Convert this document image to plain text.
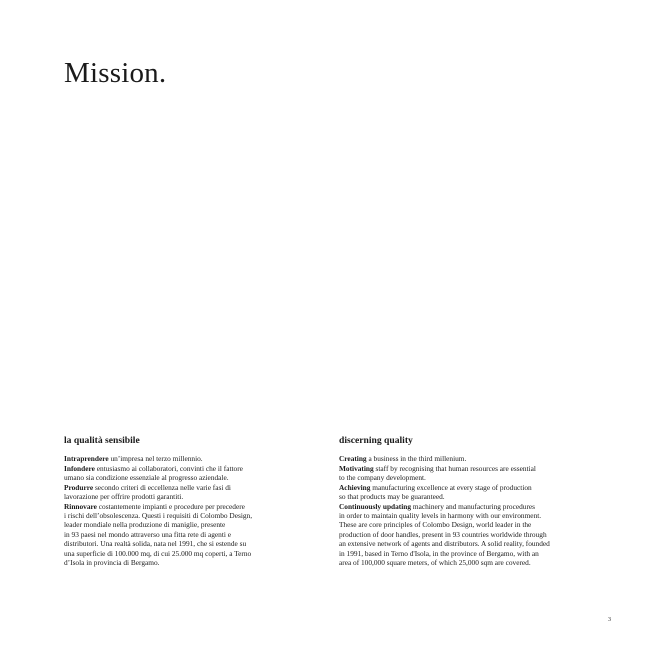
Mission.
la qualità sensibile
Intraprendere un’impresa nel terzo millennio.
Infondere entusiasmo ai collaboratori, convinti che il fattore
umano sia condizione essenziale al progresso aziendale.
Produrre secondo criteri di eccellenza nelle varie fasi di
lavorazione per offrire prodotti garantiti.
Rinnovare costantemente impianti e procedure per precedere
i rischi dell’obsolescenza. Questi i requisiti di Colombo Design,
leader mondiale nella produzione di maniglie, presente
in 93 paesi nel mondo attraverso una fitta rete di agenti e
distributori. Una realtà solida, nata nel 1991, che si estende su
una superficie di 100.000 mq, di cui 25.000 mq coperti, a Terno
d’Isola in provincia di Bergamo.
discerning quality
Creating a business in the third millenium.
Motivating staff by recognising that human resources are essential
to the company development.
Achieving manufacturing excellence at every stage of production
so that products may be guaranteed.
Continuously updating machinery and manufacturing procedures
in order to maintain quality levels in harmony with our environment.
These are core principles of Colombo Design, world leader in the
production of door handles, present in 93 countries worldwide through
an extensive network of agents and distributors. A solid reality, founded
in 1991, based in Terno d'Isola, in the province of Bergamo, with an
area of 100,000 square meters, of which 25,000 sqm are covered.
3
